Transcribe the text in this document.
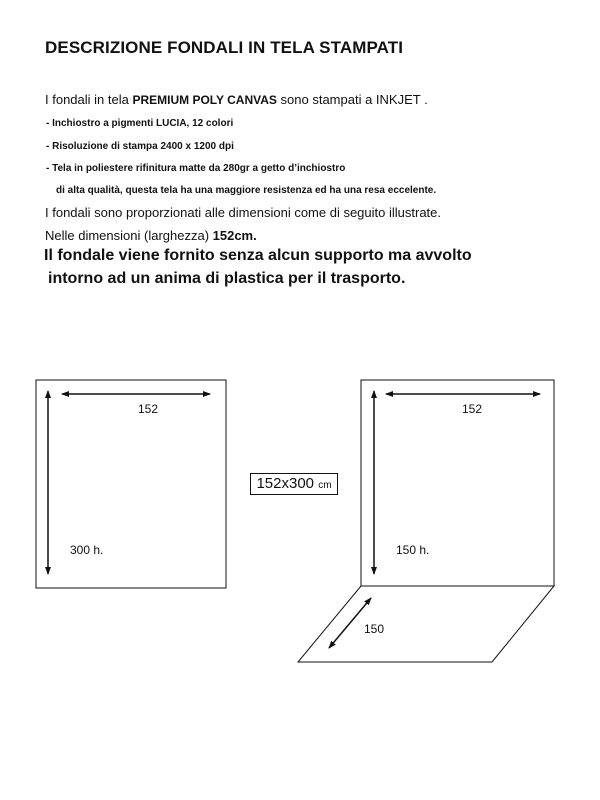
DESCRIZIONE FONDALI IN TELA STAMPATI
I fondali in tela PREMIUM POLY CANVAS sono stampati a INKJET .
- Inchiostro a pigmenti LUCIA, 12 colori
- Risoluzione di stampa 2400 x 1200 dpi
- Tela in poliestere rifinitura matte da 280gr a getto d’inchiostro
di alta qualità, questa tela ha una maggiore resistenza ed ha una resa eccelente.
I fondali sono proporzionati alle dimensioni come di seguito illustrate.
Nelle dimensioni (larghezza) 152cm.
Il fondale viene fornito senza alcun supporto ma avvolto
intorno ad un anima di plastica per il trasporto.
152
300 h.
152
150 h.
150
152x300 cm
